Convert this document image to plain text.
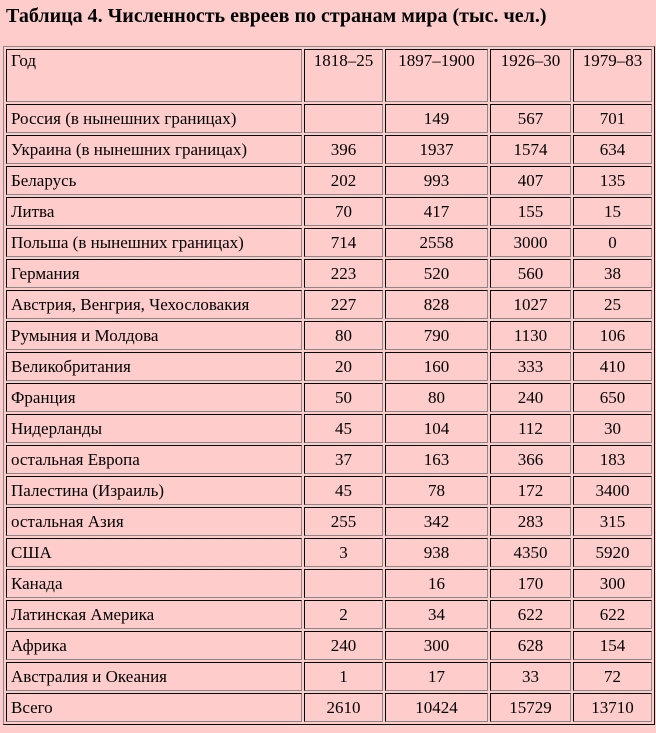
Таблица 4. Численность евреев по странам мира (тыс. чел.)
Год	1818–25	1897–1900	1926–30	1979–83
Россия (в нынешних границах)		149	567	701
Украина (в нынешних границах)	396	1937	1574	634
Беларусь	202	993	407	135
Литва	70	417	155	15
Польша (в нынешних границах)	714	2558	3000	0
Германия	223	520	560	38
Австрия, Венгрия, Чехословакия	227	828	1027	25
Румыния и Молдова	80	790	1130	106
Великобритания	20	160	333	410
Франция	50	80	240	650
Нидерланды	45	104	112	30
остальная Европа	37	163	366	183
Палестина (Израиль)	45	78	172	3400
остальная Азия	255	342	283	315
США	3	938	4350	5920
Канада		16	170	300
Латинская Америка	2	34	622	622
Африка	240	300	628	154
Австралия и Океания	1	17	33	72
Всего	2610	10424	15729	13710
